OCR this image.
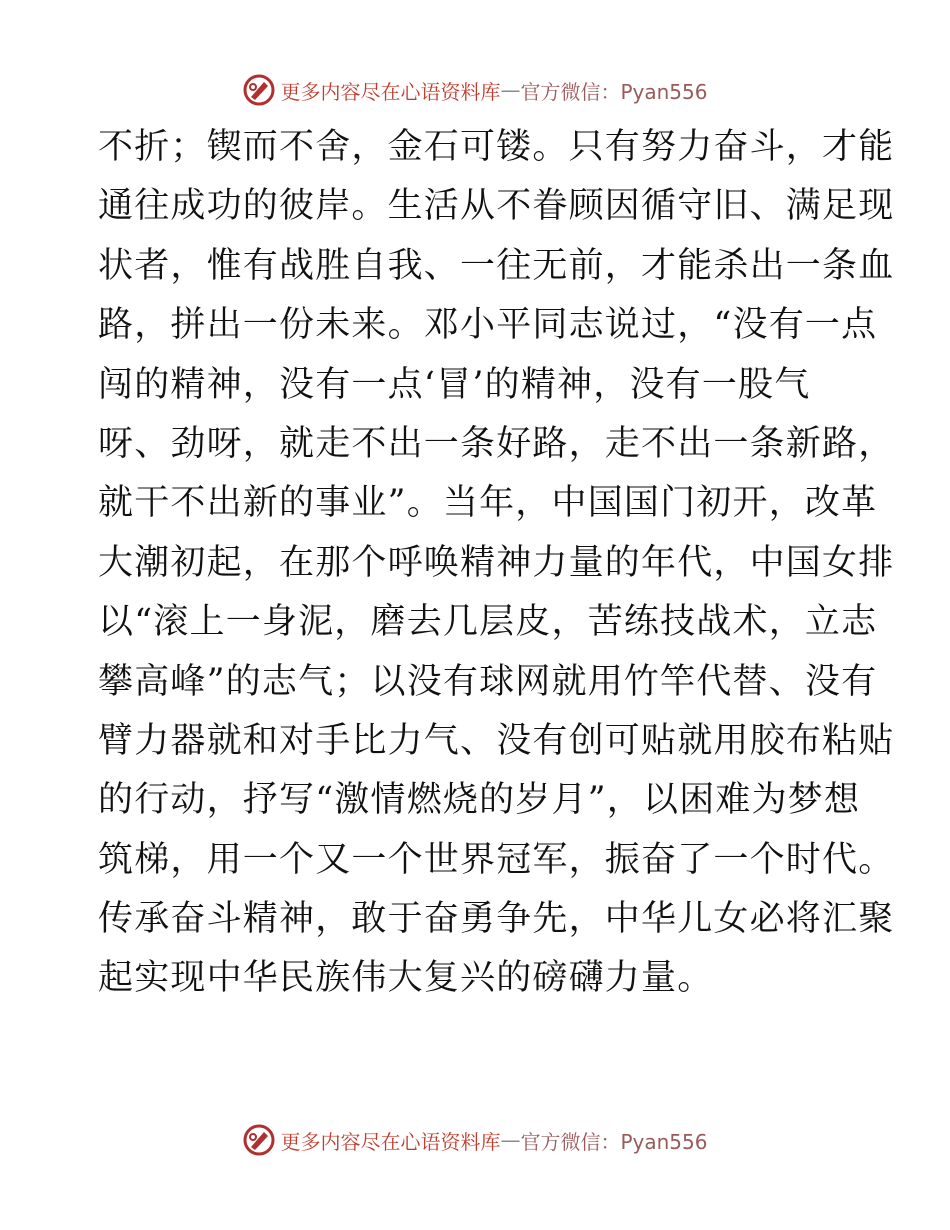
更多内容尽在心语资料库 — 官方微信：Pyan556
不折；锲而不舍，金石可镂。只有努力奋斗，才能
通往成功的彼岸。生活从不眷顾因循守旧、满足现
状者，惟有战胜自我、一往无前，才能杀出一条血
路，拼出一份未来。邓小平同志说过，“没有一点
闯的精神，没有一点‘冒’的精神，没有一股气
呀、劲呀，就走不出一条好路，走不出一条新路，
就干不出新的事业”。当年，中国国门初开，改革
大潮初起，在那个呼唤精神力量的年代，中国女排
以“滚上一身泥，磨去几层皮，苦练技战术，立志
攀高峰”的志气；以没有球网就用竹竿代替、没有
臂力器就和对手比力气、没有创可贴就用胶布粘贴
的行动，抒写“激情燃烧的岁月”，以困难为梦想
筑梯，用一个又一个世界冠军，振奋了一个时代。
传承奋斗精神，敢于奋勇争先，中华儿女必将汇聚
起实现中华民族伟大复兴的磅礴力量。
更多内容尽在心语资料库 — 官方微信：Pyan556
